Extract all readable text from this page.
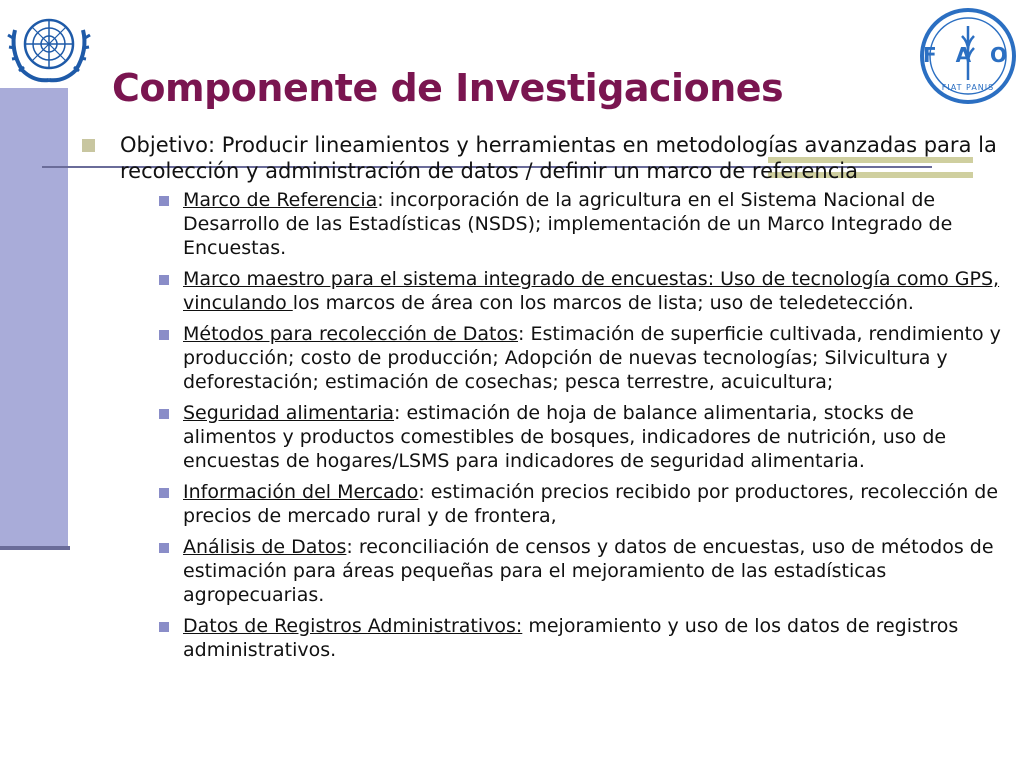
F A O
FIAT PANIS
Componente de Investigaciones

Objetivo: Producir lineamientos y herramientas en metodologías avanzadas para la recolección y administración de datos / definir un marco de referencia

Marco de Referencia: incorporación de la agricultura en el Sistema Nacional de Desarrollo de las Estadísticas (NSDS); implementación de un Marco Integrado de Encuestas.
Marco maestro para el sistema integrado de encuestas: Uso de tecnología como GPS, vinculando los marcos de área con los marcos de lista; uso de teledetección.
Métodos para recolección de Datos: Estimación de superficie cultivada, rendimiento y producción; costo de producción; Adopción de nuevas tecnologías; Silvicultura y deforestación; estimación de cosechas; pesca terrestre, acuicultura;
Seguridad alimentaria: estimación de hoja de balance alimentaria, stocks de alimentos y productos comestibles de bosques, indicadores de nutrición, uso de encuestas de hogares/LSMS para indicadores de seguridad alimentaria.
Información del Mercado: estimación precios recibido por productores, recolección de precios de mercado rural y de frontera,
Análisis de Datos: reconciliación de censos y datos de encuestas, uso de métodos de estimación para áreas pequeñas para el mejoramiento de las estadísticas agropecuarias.
Datos de Registros Administrativos: mejoramiento y uso de los datos de registros administrativos.
